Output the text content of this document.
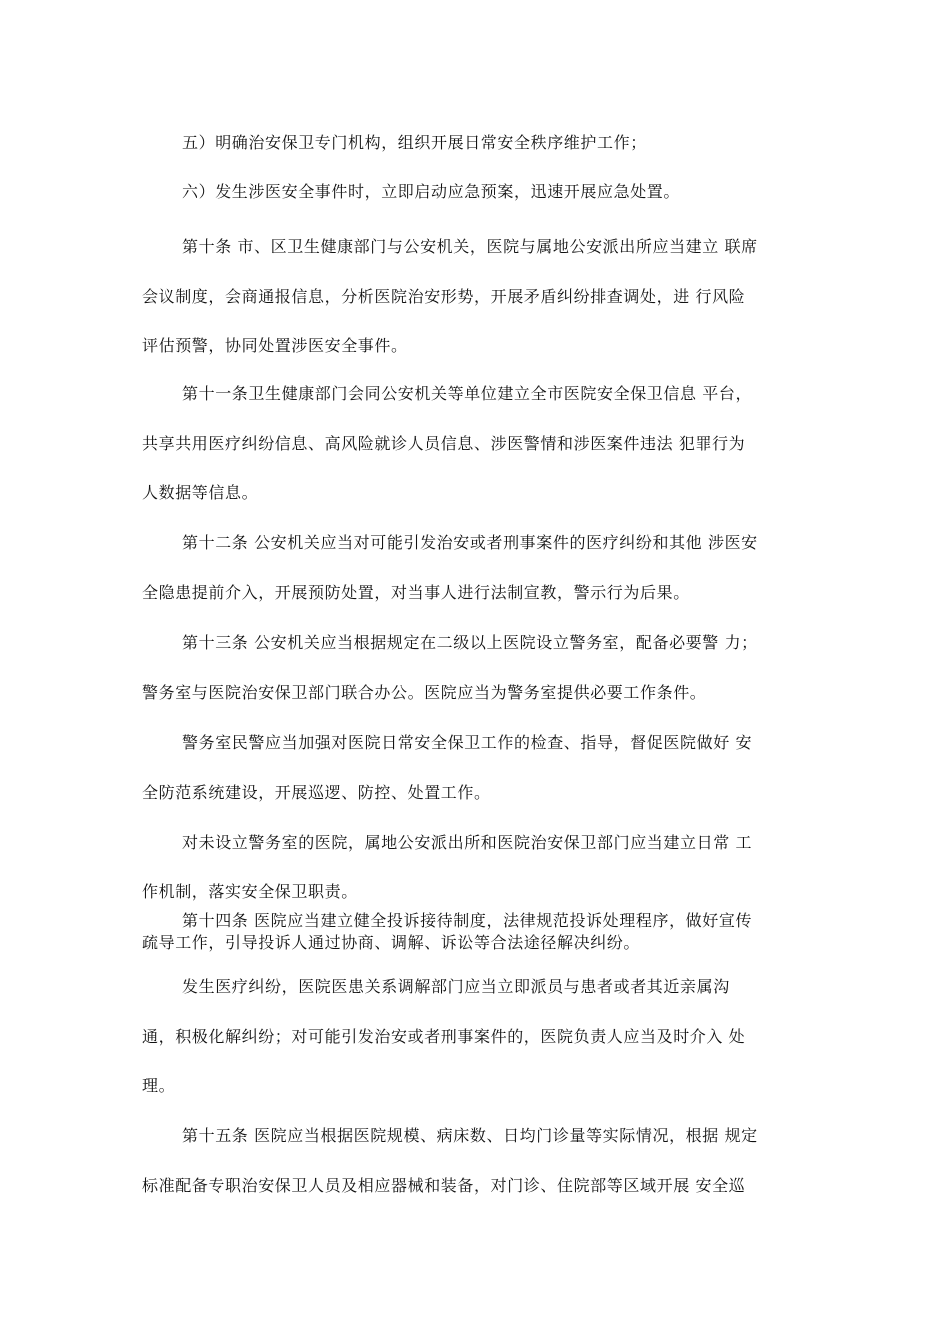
五）明确治安保卫专门机构，组织开展日常安全秩序维护工作；
六）发生涉医安全事件时，立即启动应急预案，迅速开展应急处置。
第十条 市、区卫生健康部门与公安机关，医院与属地公安派出所应当建立 联席
会议制度，会商通报信息，分析医院治安形势，开展矛盾纠纷排查调处，进 行风险
评估预警，协同处置涉医安全事件。
第十一条卫生健康部门会同公安机关等单位建立全市医院安全保卫信息 平台，
共享共用医疗纠纷信息、高风险就诊人员信息、涉医警情和涉医案件违法 犯罪行为
人数据等信息。
第十二条 公安机关应当对可能引发治安或者刑事案件的医疗纠纷和其他 涉医安
全隐患提前介入，开展预防处置，对当事人进行法制宣教，警示行为后果。
第十三条 公安机关应当根据规定在二级以上医院设立警务室，配备必要警 力；
警务室与医院治安保卫部门联合办公。医院应当为警务室提供必要工作条件。
警务室民警应当加强对医院日常安全保卫工作的检查、指导，督促医院做好 安
全防范系统建设，开展巡逻、防控、处置工作。
对未设立警务室的医院，属地公安派出所和医院治安保卫部门应当建立日常 工
作机制，落实安全保卫职责。
第十四条 医院应当建立健全投诉接待制度，法律规范投诉处理程序，做好宣传
疏导工作，引导投诉人通过协商、调解、诉讼等合法途径解决纠纷。
发生医疗纠纷，医院医患关系调解部门应当立即派员与患者或者其近亲属沟
通，积极化解纠纷；对可能引发治安或者刑事案件的，医院负责人应当及时介入 处
理。
第十五条 医院应当根据医院规模、病床数、日均门诊量等实际情况，根据 规定
标准配备专职治安保卫人员及相应器械和装备，对门诊、住院部等区域开展 安全巡
